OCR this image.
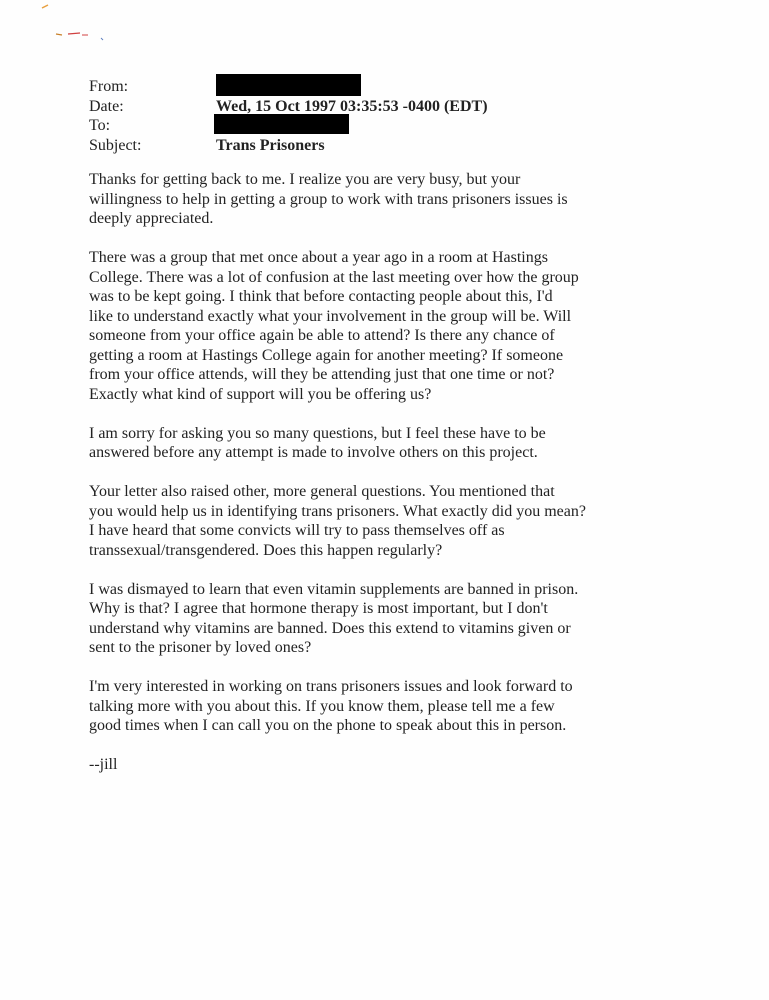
From:
Date:	Wed, 15 Oct 1997 03:35:53 -0400 (EDT)
To:
Subject:	Trans Prisoners
Thanks for getting back to me. I realize you are very busy, but your
willingness to help in getting a group to work with trans prisoners issues is
deeply appreciated.
There was a group that met once about a year ago in a room at Hastings
College. There was a lot of confusion at the last meeting over how the group
was to be kept going. I think that before contacting people about this, I'd
like to understand exactly what your involvement in the group will be. Will
someone from your office again be able to attend? Is there any chance of
getting a room at Hastings College again for another meeting? If someone
from your office attends, will they be attending just that one time or not?
Exactly what kind of support will you be offering us?
I am sorry for asking you so many questions, but I feel these have to be
answered before any attempt is made to involve others on this project.
Your letter also raised other, more general questions. You mentioned that
you would help us in identifying trans prisoners. What exactly did you mean?
I have heard that some convicts will try to pass themselves off as
transsexual/transgendered. Does this happen regularly?
I was dismayed to learn that even vitamin supplements are banned in prison.
Why is that? I agree that hormone therapy is most important, but I don't
understand why vitamins are banned. Does this extend to vitamins given or
sent to the prisoner by loved ones?
I'm very interested in working on trans prisoners issues and look forward to
talking more with you about this. If you know them, please tell me a few
good times when I can call you on the phone to speak about this in person.
--jill
